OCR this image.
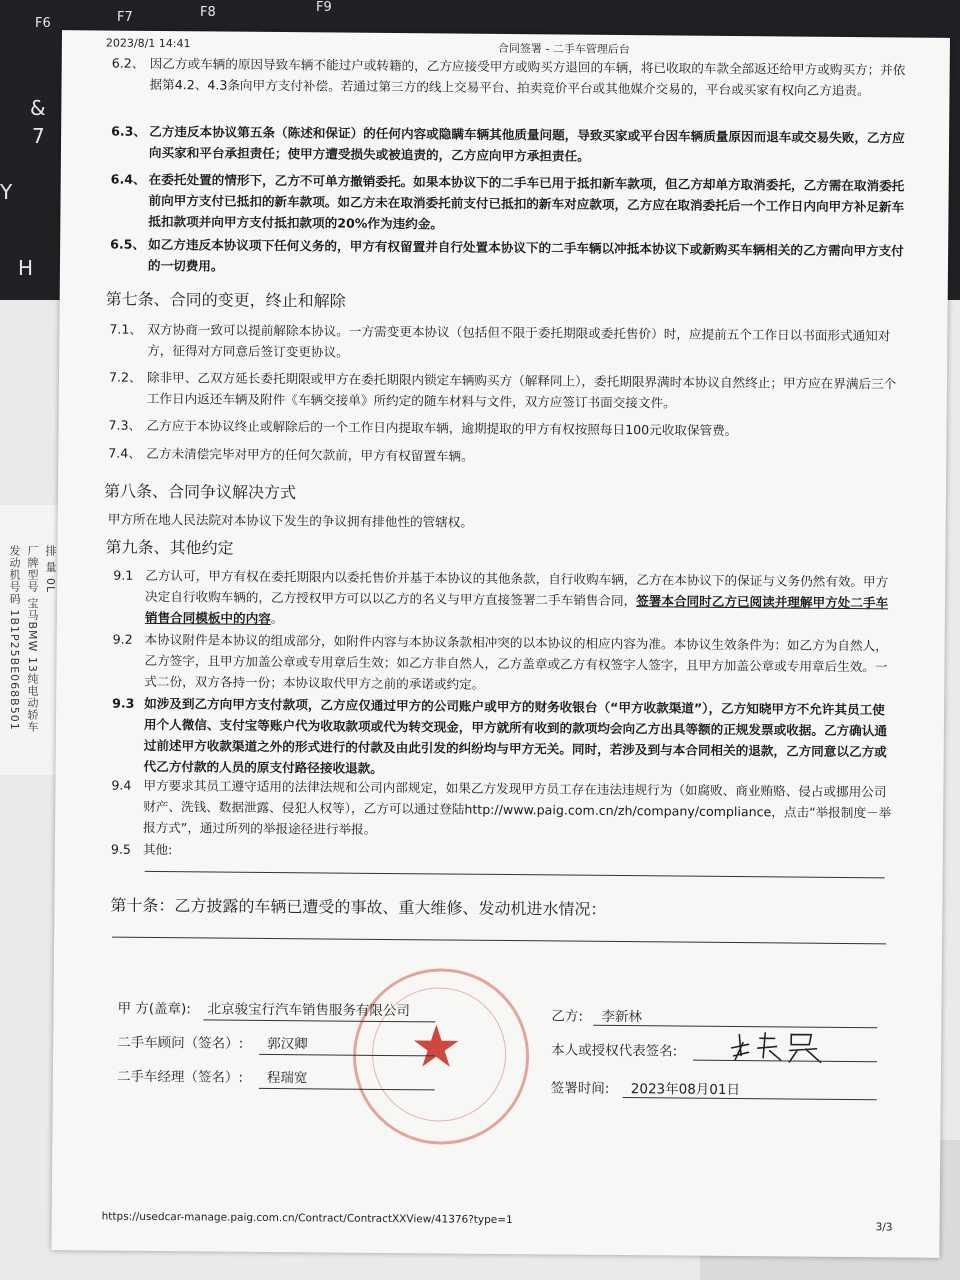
F6	F7	F8	F9
&
7
Y
H
发动机号码 1B1P25BE068B501 厂牌型号 宝马BMW 13纯电动轿车 排 量 0L
2023/8/1 14:41	合同签署 - 二手车管理后台
6.2、 因乙方或车辆的原因导致车辆不能过户或转籍的，乙方应接受甲方或购买方退回的车辆，将已收取的车款全部返还给甲方或购买方；并依据第4.2、4.3条向甲方支付补偿。若通过第三方的线上交易平台、拍卖竞价平台或其他媒介交易的，平台或买家有权向乙方追责。
6.3、 乙方违反本协议第五条（陈述和保证）的任何内容或隐瞒车辆其他质量问题，导致买家或平台因车辆质量原因而退车或交易失败，乙方应向买家和平台承担责任；使甲方遭受损失或被追责的，乙方应向甲方承担责任。
6.4、 在委托处置的情形下，乙方不可单方撤销委托。如果本协议下的二手车已用于抵扣新车款项，但乙方却单方取消委托，乙方需在取消委托前向甲方支付已抵扣的新车款项。如乙方未在取消委托前支付已抵扣的新车对应款项，乙方应在取消委托后一个工作日内向甲方补足新车抵扣款项并向甲方支付抵扣款项的20%作为违约金。
6.5、 如乙方违反本协议项下任何义务的，甲方有权留置并自行处置本协议下的二手车辆以冲抵本协议下或新购买车辆相关的乙方需向甲方支付的一切费用。
第七条、合同的变更，终止和解除
7.1、 双方协商一致可以提前解除本协议。一方需变更本协议（包括但不限于委托期限或委托售价）时，应提前五个工作日以书面形式通知对方，征得对方同意后签订变更协议。
7.2、 除非甲、乙双方延长委托期限或甲方在委托期限内锁定车辆购买方（解释同上），委托期限界满时本协议自然终止；甲方应在界满后三个工作日内返还车辆及附件《车辆交接单》所约定的随车材料与文件，双方应签订书面交接文件。
7.3、 乙方应于本协议终止或解除后的一个工作日内提取车辆，逾期提取的甲方有权按照每日100元收取保管费。
7.4、 乙方未清偿完毕对甲方的任何欠款前，甲方有权留置车辆。
第八条、合同争议解决方式
甲方所在地人民法院对本协议下发生的争议拥有排他性的管辖权。
第九条、其他约定
9.1 乙方认可，甲方有权在委托期限内以委托售价并基于本协议的其他条款，自行收购车辆，乙方在本协议下的保证与义务仍然有效。甲方决定自行收购车辆的，乙方授权甲方可以以乙方的名义与甲方直接签署二手车销售合同，签署本合同时乙方已阅读并理解甲方处二手车销售合同模板中的内容。
9.2 本协议附件是本协议的组成部分，如附件内容与本协议条款相冲突的以本协议的相应内容为准。本协议生效条件为：如乙方为自然人，乙方签字，且甲方加盖公章或专用章后生效；如乙方非自然人，乙方盖章或乙方有权签字人签字，且甲方加盖公章或专用章后生效。一式二份，双方各持一份；本协议取代甲方之前的承诺或约定。
9.3 如涉及到乙方向甲方支付款项，乙方应仅通过甲方的公司账户或甲方的财务收银台（“甲方收款渠道”），乙方知晓甲方不允许其员工使用个人微信、支付宝等账户代为收取款项或代为转交现金，甲方就所有收到的款项均会向乙方出具等额的正规发票或收据。乙方确认通过前述甲方收款渠道之外的形式进行的付款及由此引发的纠纷均与甲方无关。同时，若涉及到与本合同相关的退款，乙方同意以乙方或代乙方付款的人员的原支付路径接收退款。
9.4 甲方要求其员工遵守适用的法律法规和公司内部规定，如果乙方发现甲方员工存在违法违规行为（如腐败、商业贿赂、侵占或挪用公司财产、洗钱、数据泄露、侵犯人权等），乙方可以通过登陆http://www.paig.com.cn/zh/company/compliance，点击“举报制度－举报方式”，通过所列的举报途径进行举报。
9.5 其他:
第十条：乙方披露的车辆已遭受的事故、重大维修、发动机进水情况：
★
甲 方(盖章): 北京骏宝行汽车销售服务有限公司
二手车顾问（签名）: 郭汉卿
二手车经理（签名）: 程瑞宽
乙方: 李新林
本人或授权代表签名:
签署时间: 2023年08月01日
https://usedcar-manage.paig.com.cn/Contract/ContractXXView/41376?type=1
3/3
